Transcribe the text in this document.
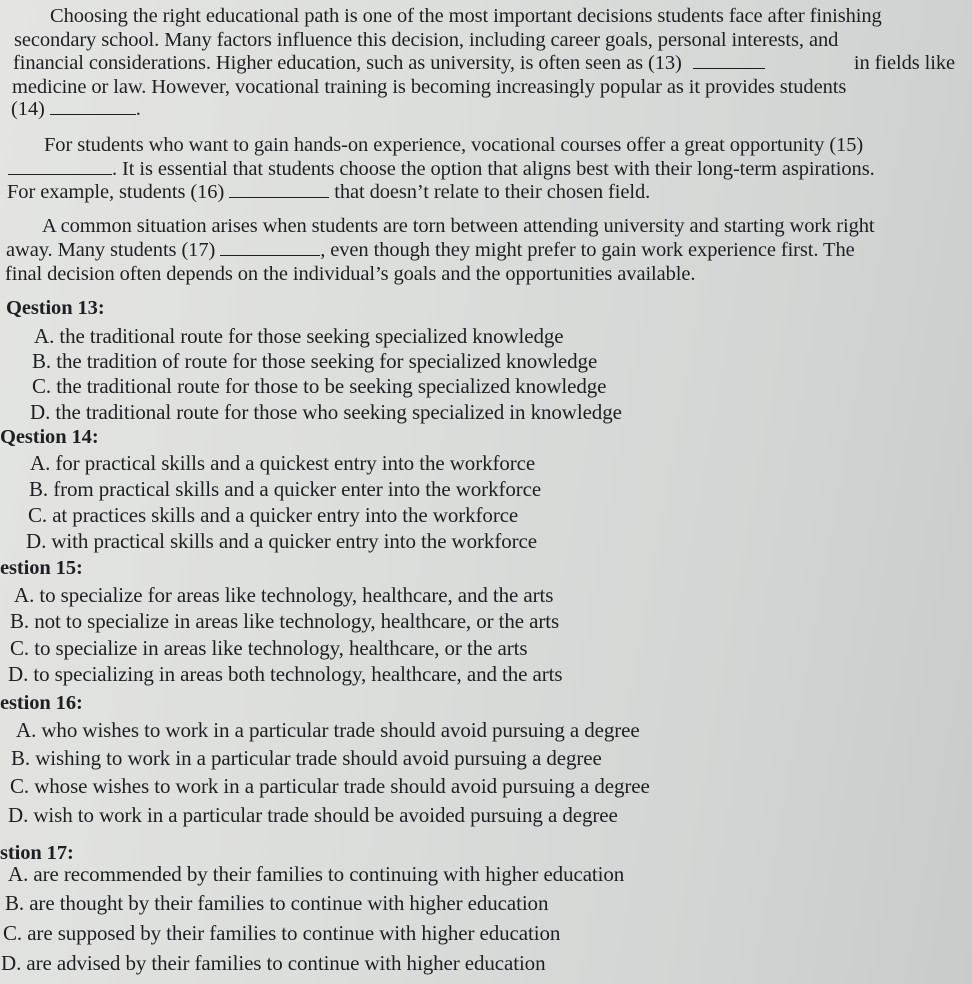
Choosing the right educational path is one of the most important decisions students face after finishing
secondary school. Many factors influence this decision, including career goals, personal interests, and
financial considerations. Higher education, such as university, is often seen as (13)	in fields like
medicine or law. However, vocational training is becoming increasingly popular as it provides students
(14)	.
For students who want to gain hands-on experience, vocational courses offer a great opportunity (15)
. It is essential that students choose the option that aligns best with their long-term aspirations.
For example, students (16)	that doesn’t relate to their chosen field.
A common situation arises when students are torn between attending university and starting work right
away. Many students (17)	, even though they might prefer to gain work experience first. The
final decision often depends on the individual’s goals and the opportunities available.
Qestion 13:
A. the traditional route for those seeking specialized knowledge
B. the tradition of route for those seeking for specialized knowledge
C. the traditional route for those to be seeking specialized knowledge
D. the traditional route for those who seeking specialized in knowledge
Qestion 14:
A. for practical skills and a quickest entry into the workforce
B. from practical skills and a quicker enter into the workforce
C. at practices skills and a quicker entry into the workforce
D. with practical skills and a quicker entry into the workforce
estion 15:
A. to specialize for areas like technology, healthcare, and the arts
B. not to specialize in areas like technology, healthcare, or the arts
C. to specialize in areas like technology, healthcare, or the arts
D. to specializing in areas both technology, healthcare, and the arts
estion 16:
A. who wishes to work in a particular trade should avoid pursuing a degree
B. wishing to work in a particular trade should avoid pursuing a degree
C. whose wishes to work in a particular trade should avoid pursuing a degree
D. wish to work in a particular trade should be avoided pursuing a degree
stion 17:
A. are recommended by their families to continuing with higher education
B. are thought by their families to continue with higher education
C. are supposed by their families to continue with higher education
D. are advised by their families to continue with higher education
